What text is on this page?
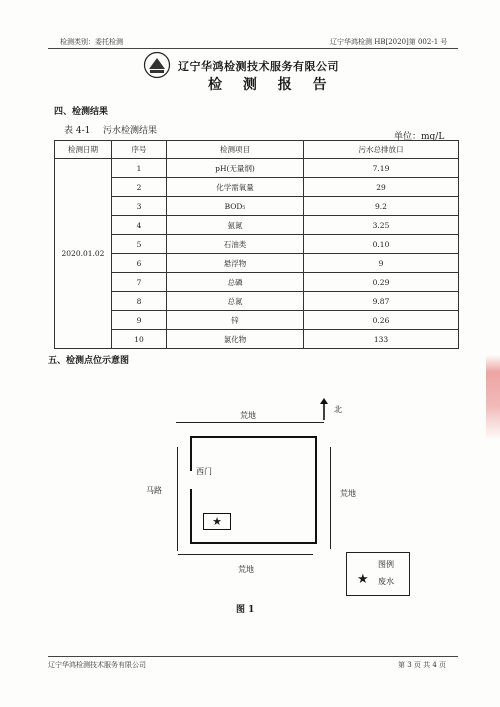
检测类别：委托检测	辽宁华鸿检测 HB[2020]第 002-1 号
辽宁华鸿检测技术服务有限公司
检 测 报 告
四、检测结果
表 4-1 污水检测结果
单位：mg/L
检测日期	序号	检测项目	污水总排放口
2020.01.02	1	pH(无量纲)	7.19
	2	化学需氧量	29
	3	BOD₅	9.2
	4	氨氮	3.25
	5	石油类	0.10
	6	悬浮物	9
	7	总磷	0.29
	8	总氮	9.87
	9	锌	0.26
	10	氯化物	133
五、检测点位示意图
北
荒地
马路	荒地
荒地
西门
★
图例
★ 废水
图 1
辽宁华鸿检测技术服务有限公司	第 3 页 共 4 页
